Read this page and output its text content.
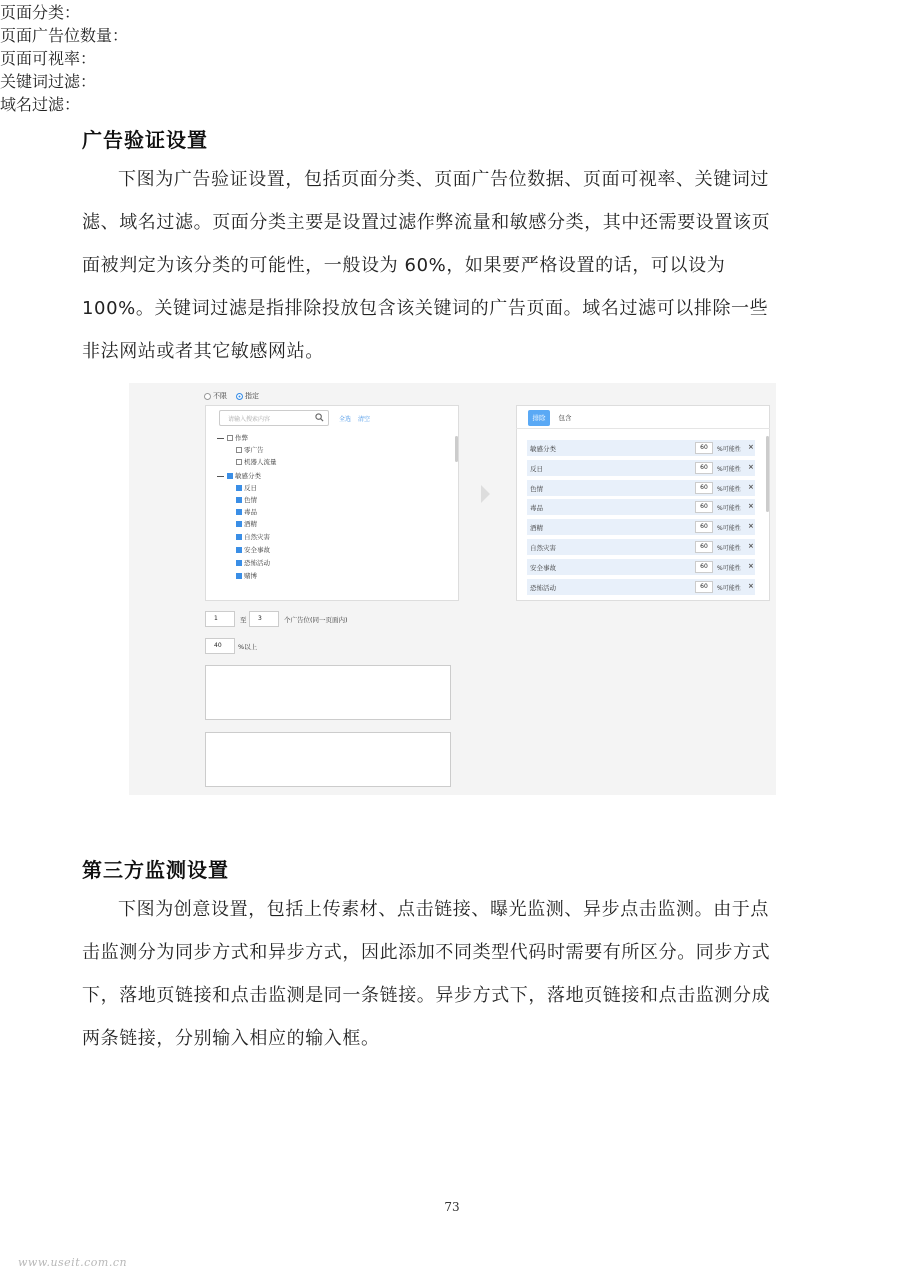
广告验证设置
下图为广告验证设置，包括页面分类、页面广告位数据、页面可视率、关键词过
滤、域名过滤。页面分类主要是设置过滤作弊流量和敏感分类，其中还需要设置该页
面被判定为该分类的可能性，一般设为 60%，如果要严格设置的话，可以设为
100%。关键词过滤是指排除投放包含该关键词的广告页面。域名过滤可以排除一些
非法网站或者其它敏感网站。
页面分类：
不限	指定
请输入搜索内容	全选 清空
作弊
零广告
机器人流量
敏感分类
反日
色情
毒品
酒精
自然灾害
安全事故
恐怖活动
赌博
排除	包含
敏感分类	60	%可能性 ×
反日	60	%可能性 ×
色情	60	%可能性 ×
毒品	60	%可能性 ×
酒精	60	%可能性 ×
自然灾害	60	%可能性 ×
安全事故	60	%可能性 ×
恐怖活动	60	%可能性 ×
页面广告位数量：
1	至	3	个广告位(同一页面内)
页面可视率：
40	%以上
关键词过滤：
域名过滤：
第三方监测设置
下图为创意设置，包括上传素材、点击链接、曝光监测、异步点击监测。由于点
击监测分为同步方式和异步方式，因此添加不同类型代码时需要有所区分。同步方式
下，落地页链接和点击监测是同一条链接。异步方式下，落地页链接和点击监测分成
两条链接，分别输入相应的输入框。
73
www.useit.com.cn
